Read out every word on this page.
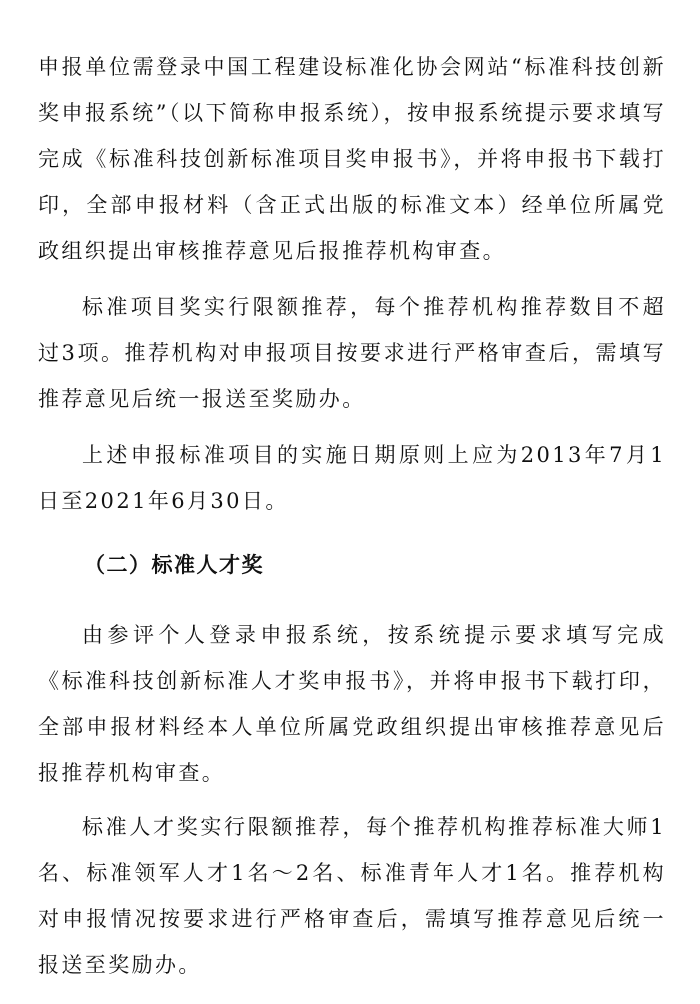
申报单位需登录中国工程建设标准化协会网站“标准科技创新奖申报系统”（以下简称申报系统），按申报系统提示要求填写完成《标准科技创新标准项目奖申报书》，并将申报书下载打印，全部申报材料（含正式出版的标准文本）经单位所属党政组织提出审核推荐意见后报推荐机构审查。

标准项目奖实行限额推荐，每个推荐机构推荐数目不超过3项。推荐机构对申报项目按要求进行严格审查后，需填写推荐意见后统一报送至奖励办。

上述申报标准项目的实施日期原则上应为2013年7月1日至2021年6月30日。

（二）标准人才奖

由参评个人登录申报系统，按系统提示要求填写完成《标准科技创新标准人才奖申报书》，并将申报书下载打印，全部申报材料经本人单位所属党政组织提出审核推荐意见后报推荐机构审查。

标准人才奖实行限额推荐，每个推荐机构推荐标准大师1名、标准领军人才1名～2名、标准青年人才1名。推荐机构对申报情况按要求进行严格审查后，需填写推荐意见后统一报送至奖励办。
